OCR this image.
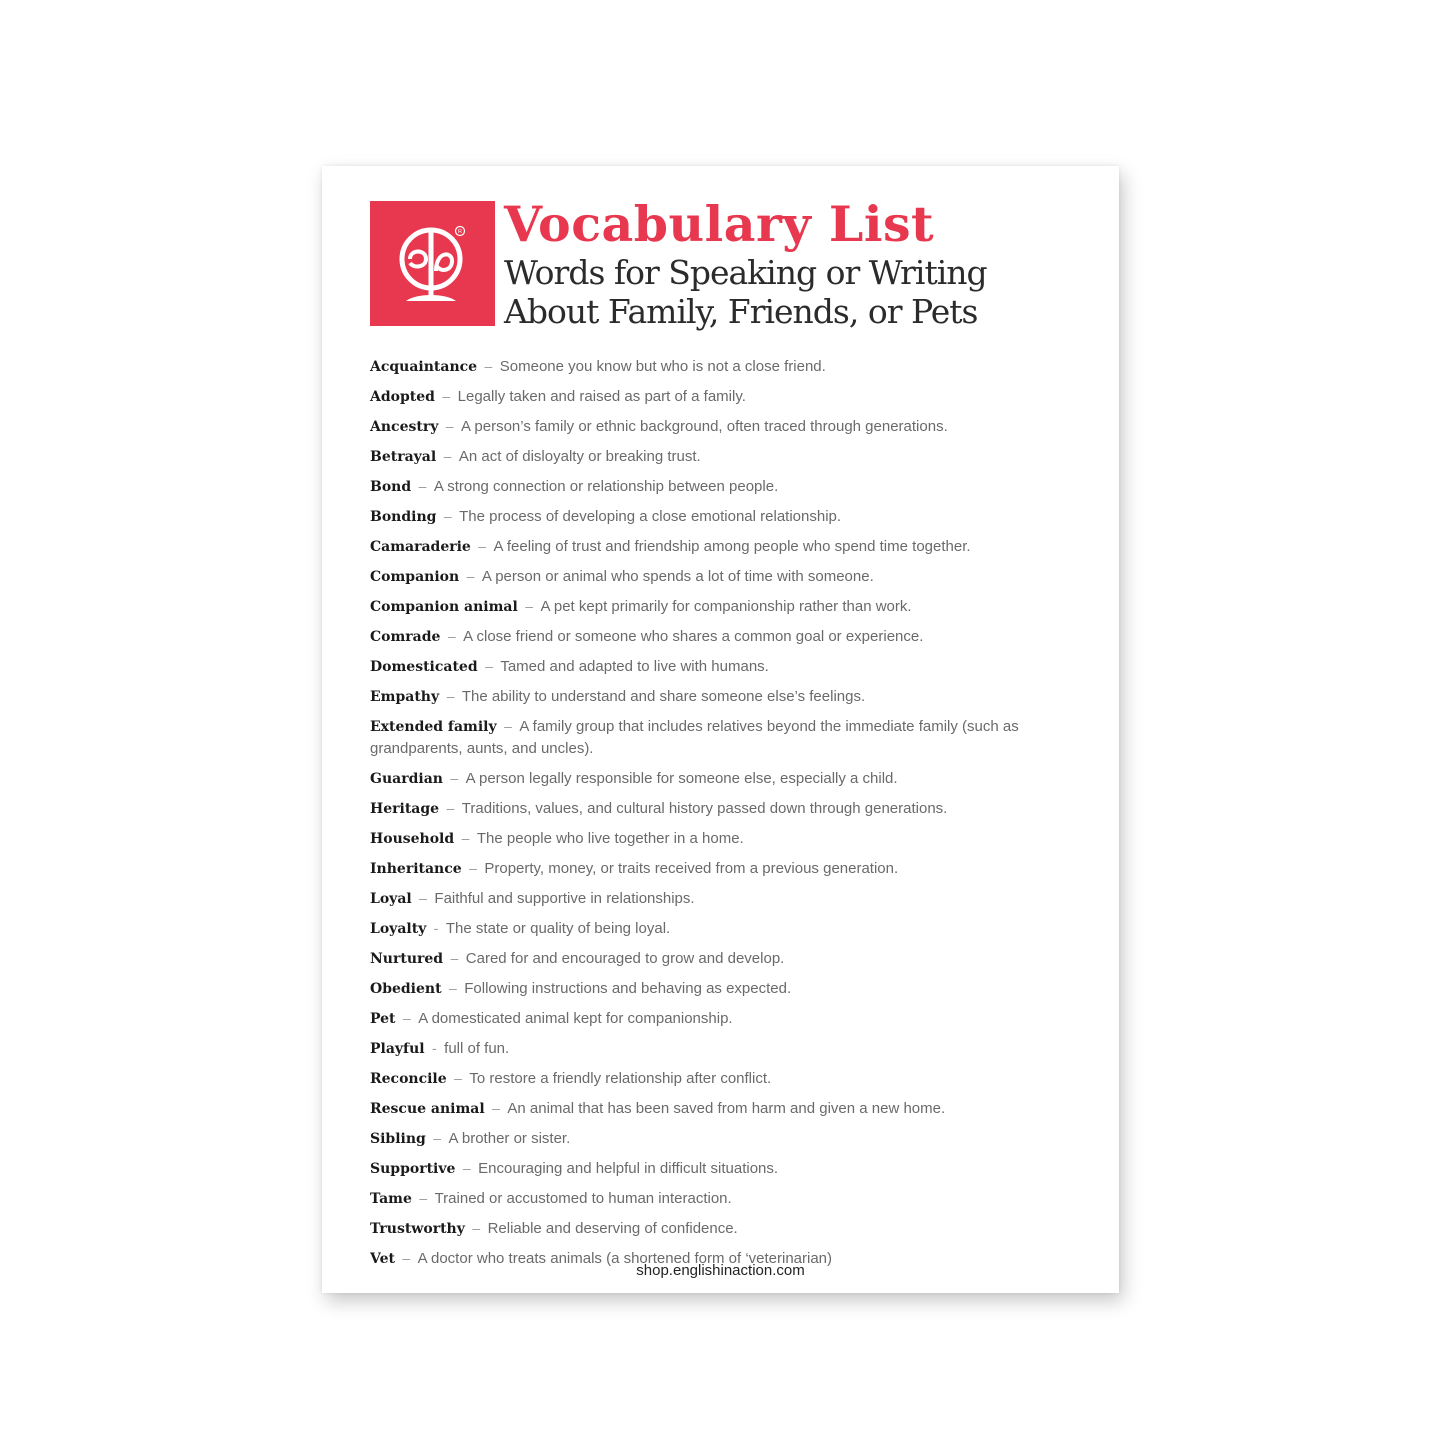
R Vocabulary List
Words for Speaking or Writing
About Family, Friends, or Pets
Acquaintance – Someone you know but who is not a close friend.
Adopted – Legally taken and raised as part of a family.
Ancestry – A person’s family or ethnic background, often traced through generations.
Betrayal – An act of disloyalty or breaking trust.
Bond – A strong connection or relationship between people.
Bonding – The process of developing a close emotional relationship.
Camaraderie – A feeling of trust and friendship among people who spend time together.
Companion – A person or animal who spends a lot of time with someone.
Companion animal – A pet kept primarily for companionship rather than work.
Comrade – A close friend or someone who shares a common goal or experience.
Domesticated – Tamed and adapted to live with humans.
Empathy – The ability to understand and share someone else’s feelings.
Extended family – A family group that includes relatives beyond the immediate family (such as grandparents, aunts, and uncles).
Guardian – A person legally responsible for someone else, especially a child.
Heritage – Traditions, values, and cultural history passed down through generations.
Household – The people who live together in a home.
Inheritance – Property, money, or traits received from a previous generation.
Loyal – Faithful and supportive in relationships.
Loyalty - The state or quality of being loyal.
Nurtured – Cared for and encouraged to grow and develop.
Obedient – Following instructions and behaving as expected.
Pet – A domesticated animal kept for companionship.
Playful - full of fun.
Reconcile – To restore a friendly relationship after conflict.
Rescue animal – An animal that has been saved from harm and given a new home.
Sibling – A brother or sister.
Supportive – Encouraging and helpful in difficult situations.
Tame – Trained or accustomed to human interaction.
Trustworthy – Reliable and deserving of confidence.
Vet – A doctor who treats animals (a shortened form of ‘veterinarian)
shop.englishinaction.com
